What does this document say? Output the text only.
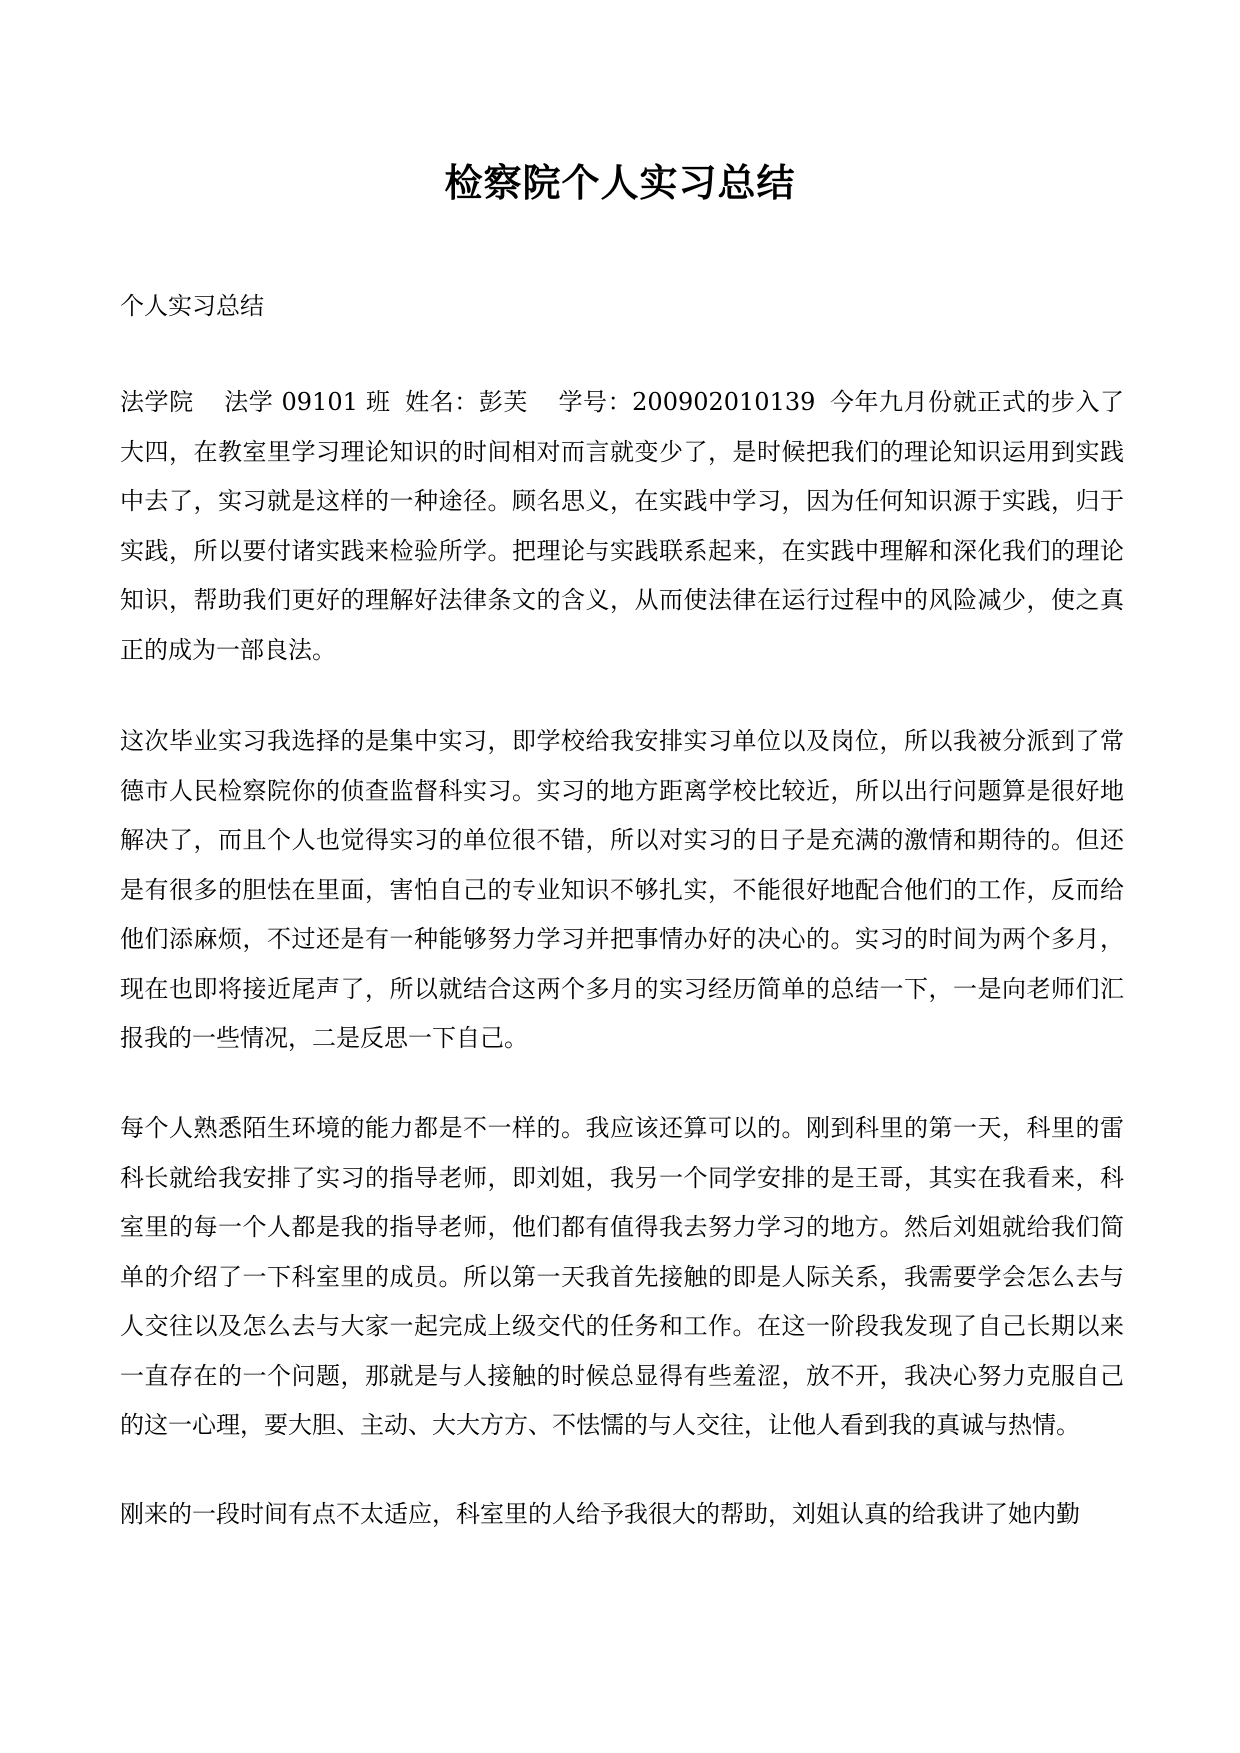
检察院个人实习总结

个人实习总结

法学院 法学 09101 班 姓名：彭芙 学号：200902010139 今年九月份就正式的步入了大四，在教室里学习理论知识的时间相对而言就变少了，是时候把我们的理论知识运用到实践中去了，实习就是这样的一种途径。顾名思义，在实践中学习，因为任何知识源于实践，归于实践，所以要付诸实践来检验所学。把理论与实践联系起来，在实践中理解和深化我们的理论知识，帮助我们更好的理解好法律条文的含义，从而使法律在运行过程中的风险减少，使之真正的成为一部良法。

这次毕业实习我选择的是集中实习，即学校给我安排实习单位以及岗位，所以我被分派到了常德市人民检察院你的侦查监督科实习。实习的地方距离学校比较近，所以出行问题算是很好地解决了，而且个人也觉得实习的单位很不错，所以对实习的日子是充满的激情和期待的。但还是有很多的胆怯在里面，害怕自己的专业知识不够扎实，不能很好地配合他们的工作，反而给他们添麻烦，不过还是有一种能够努力学习并把事情办好的决心的。实习的时间为两个多月，现在也即将接近尾声了，所以就结合这两个多月的实习经历简单的总结一下，一是向老师们汇报我的一些情况，二是反思一下自己。

每个人熟悉陌生环境的能力都是不一样的。我应该还算可以的。刚到科里的第一天，科里的雷科长就给我安排了实习的指导老师，即刘姐，我另一个同学安排的是王哥，其实在我看来，科室里的每一个人都是我的指导老师，他们都有值得我去努力学习的地方。然后刘姐就给我们简单的介绍了一下科室里的成员。所以第一天我首先接触的即是人际关系，我需要学会怎么去与人交往以及怎么去与大家一起完成上级交代的任务和工作。在这一阶段我发现了自己长期以来一直存在的一个问题，那就是与人接触的时候总显得有些羞涩，放不开，我决心努力克服自己的这一心理，要大胆、主动、大大方方、不怯懦的与人交往，让他人看到我的真诚与热情。

刚来的一段时间有点不太适应，科室里的人给予我很大的帮助，刘姐认真的给我讲了她内勤
